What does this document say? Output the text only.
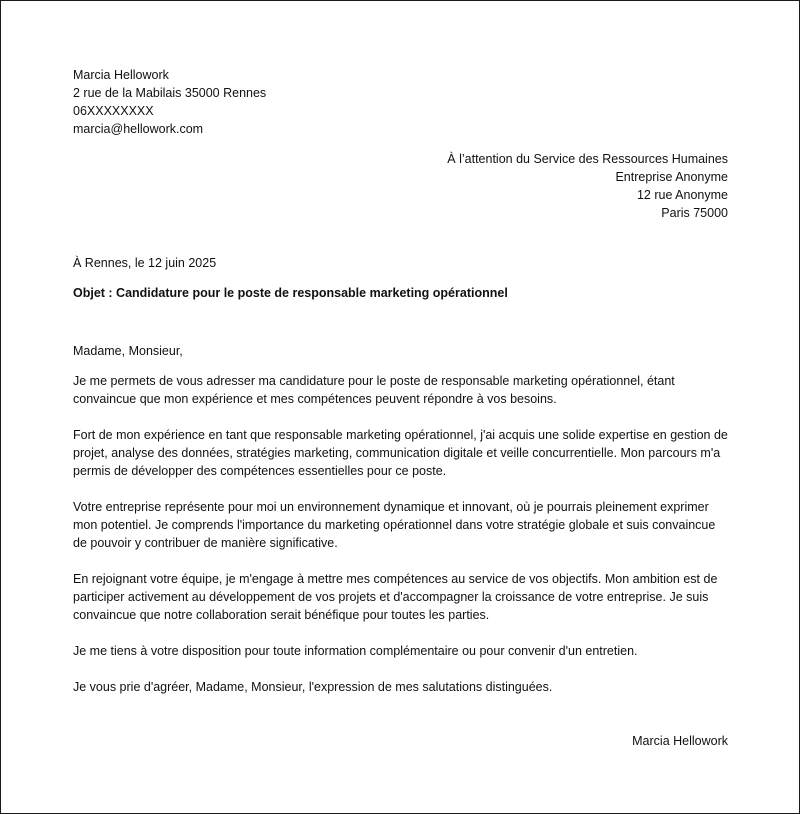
Marcia Hellowork
2 rue de la Mabilais 35000 Rennes
06XXXXXXXX
marcia@hellowork.com
À l’attention du Service des Ressources Humaines
Entreprise Anonyme
12 rue Anonyme
Paris 75000
À Rennes, le 12 juin 2025
Objet : Candidature pour le poste de responsable marketing opérationnel
Madame, Monsieur,

Je me permets de vous adresser ma candidature pour le poste de responsable marketing opérationnel, étant convaincue que mon expérience et mes compétences peuvent répondre à vos besoins.

Fort de mon expérience en tant que responsable marketing opérationnel, j'ai acquis une solide expertise en gestion de projet, analyse des données, stratégies marketing, communication digitale et veille concurrentielle. Mon parcours m'a permis de développer des compétences essentielles pour ce poste.

Votre entreprise représente pour moi un environnement dynamique et innovant, où je pourrais pleinement exprimer mon potentiel. Je comprends l'importance du marketing opérationnel dans votre stratégie globale et suis convaincue de pouvoir y contribuer de manière significative.

En rejoignant votre équipe, je m'engage à mettre mes compétences au service de vos objectifs. Mon ambition est de participer activement au développement de vos projets et d'accompagner la croissance de votre entreprise. Je suis convaincue que notre collaboration serait bénéfique pour toutes les parties.

Je me tiens à votre disposition pour toute information complémentaire ou pour convenir d'un entretien.

Je vous prie d'agréer, Madame, Monsieur, l'expression de mes salutations distinguées.

Marcia Hellowork
